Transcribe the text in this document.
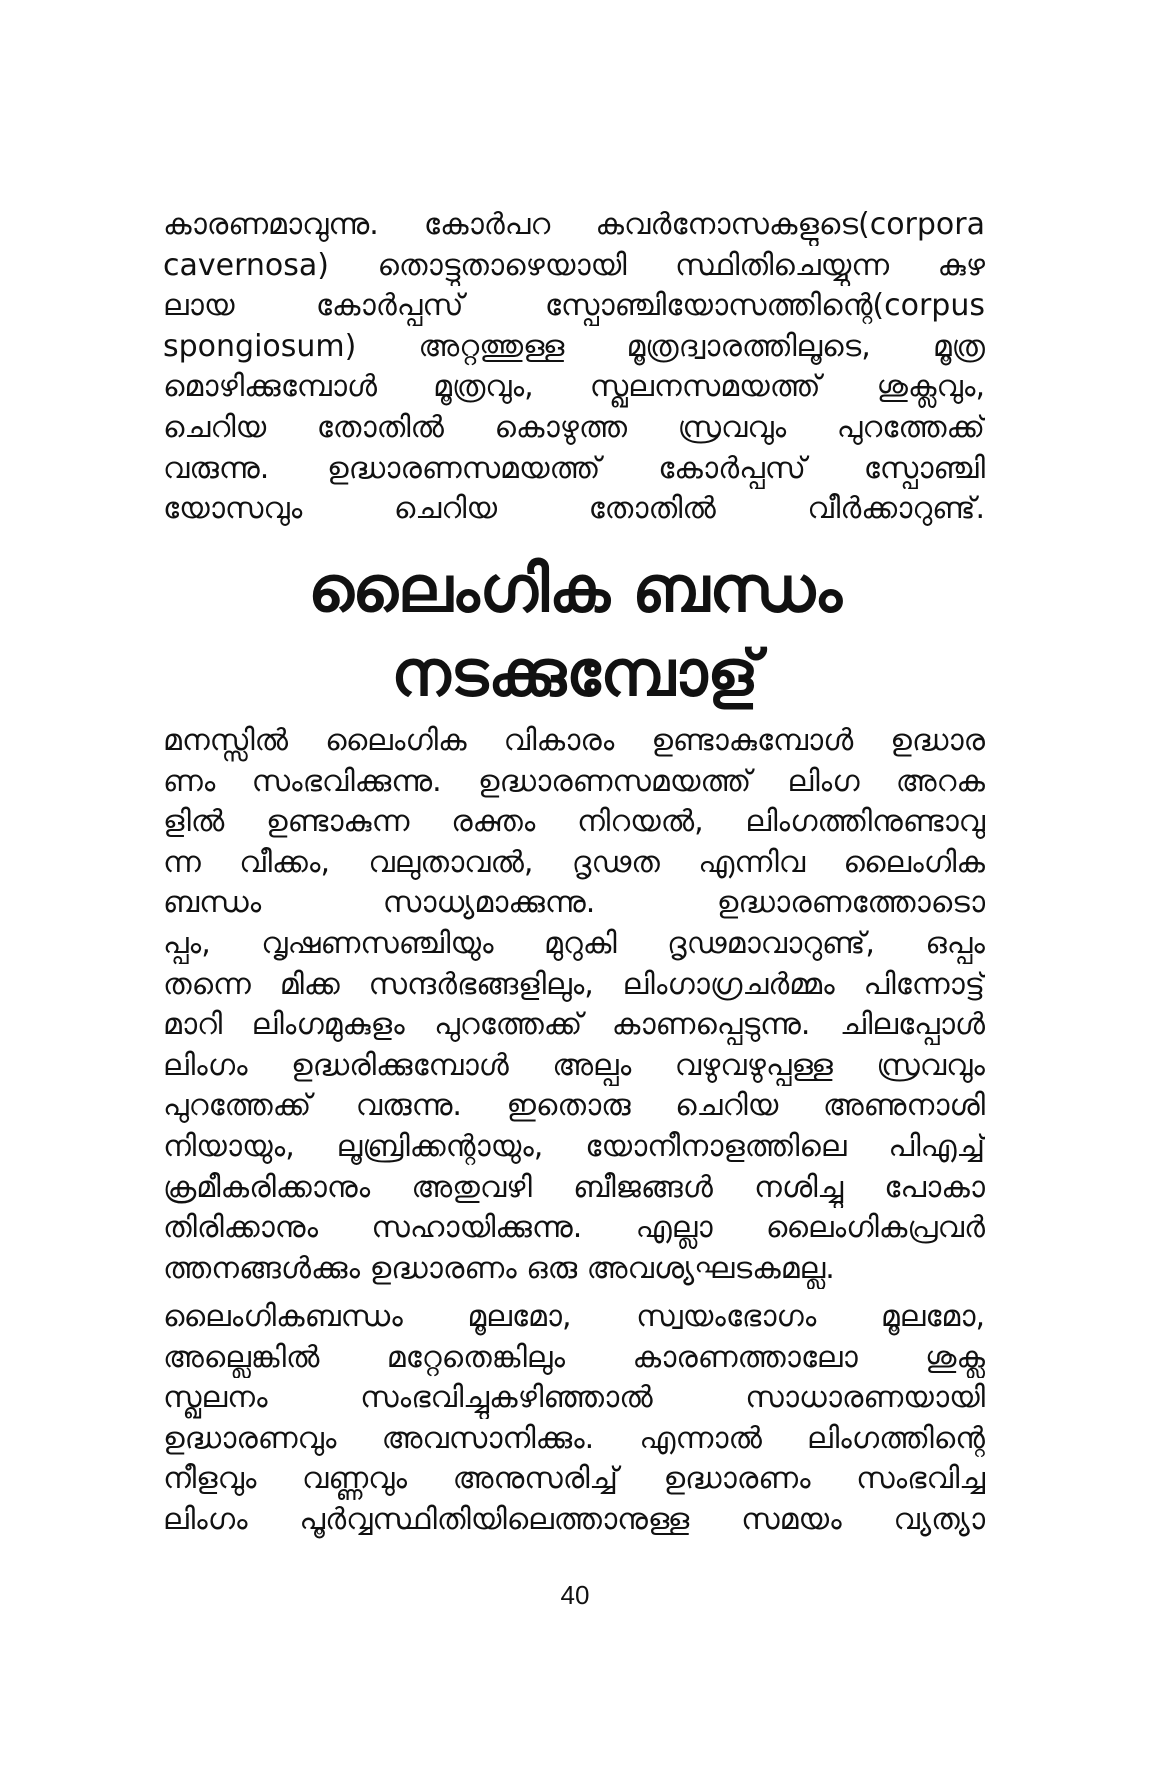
കാരണമാവുന്നു. കോർപറ കവർനോസകളുടെ(corpora
cavernosa) തൊട്ടുതാഴെയായി സ്ഥിതിചെയ്യുന്ന കുഴ
ലായ കോർപ്പസ് സ്പോഞ്ചിയോസത്തിന്റെ(corpus
spongiosum) അറ്റത്തുള്ള മൂത്രദ്വാരത്തിലൂടെ, മൂത്ര
മൊഴിക്കുമ്പോൾ മൂത്രവും, സ്ഖലനസമയത്ത് ശുക്ലവും,
ചെറിയ തോതിൽ കൊഴുത്ത സ്രവവും പുറത്തേക്ക്
വരുന്നു. ഉദ്ധാരണസമയത്ത് കോർപ്പസ് സ്പോഞ്ചി
യോസവും ചെറിയ തോതിൽ വീർക്കാറുണ്ട്.
ലൈംഗിക ബന്ധം
നടക്കുമ്പോള്
മനസ്സിൽ ലൈംഗിക വികാരം ഉണ്ടാകുമ്പോൾ ഉദ്ധാര
ണം സംഭവിക്കുന്നു. ഉദ്ധാരണസമയത്ത് ലിംഗ അറക
ളിൽ ഉണ്ടാകുന്ന രക്തം നിറയൽ, ലിംഗത്തിനുണ്ടാവു
ന്ന വീക്കം, വലുതാവൽ, ദൃഢത എന്നിവ ലൈംഗിക
ബന്ധം സാധ്യമാക്കുന്നു. ഉദ്ധാരണത്തോടൊ
പ്പം, വൃഷണസഞ്ചിയും മുറുകി ദൃഢമാവാറുണ്ട്, ഒപ്പം
തന്നെ മിക്ക സന്ദർഭങ്ങളിലും, ലിംഗാഗ്രചർമ്മം പിന്നോട്ട്
മാറി ലിംഗമുകുളം പുറത്തേക്ക് കാണപ്പെടുന്നു. ചിലപ്പോൾ
ലിംഗം ഉദ്ധരിക്കുമ്പോൾ അല്പം വഴുവഴുപ്പുള്ള സ്രവവും
പുറത്തേക്ക് വരുന്നു. ഇതൊരു ചെറിയ അണുനാശി
നിയായും, ലൂബ്രിക്കന്റായും, യോനീനാളത്തിലെ പിഎച്ച്
ക്രമീകരിക്കാനും അതുവഴി ബീജങ്ങൾ നശിച്ചു പോകാ
തിരിക്കാനും സഹായിക്കുന്നു. എല്ലാ ലൈംഗികപ്രവർ
ത്തനങ്ങൾക്കും ഉദ്ധാരണം ഒരു അവശ്യഘടകമല്ല.
ലൈംഗികബന്ധം മൂലമോ, സ്വയംഭോഗം മൂലമോ,
അല്ലെങ്കിൽ മറ്റേതെങ്കിലും കാരണത്താലോ ശുക്ല
സ്ഖലനം സംഭവിച്ചുകഴിഞ്ഞാൽ സാധാരണയായി
ഉദ്ധാരണവും അവസാനിക്കും. എന്നാൽ ലിംഗത്തിന്റെ
നീളവും വണ്ണവും അനുസരിച്ച് ഉദ്ധാരണം സംഭവിച്ച
ലിംഗം പൂർവ്വസ്ഥിതിയിലെത്താനുള്ള സമയം വ്യത്യാ
40
